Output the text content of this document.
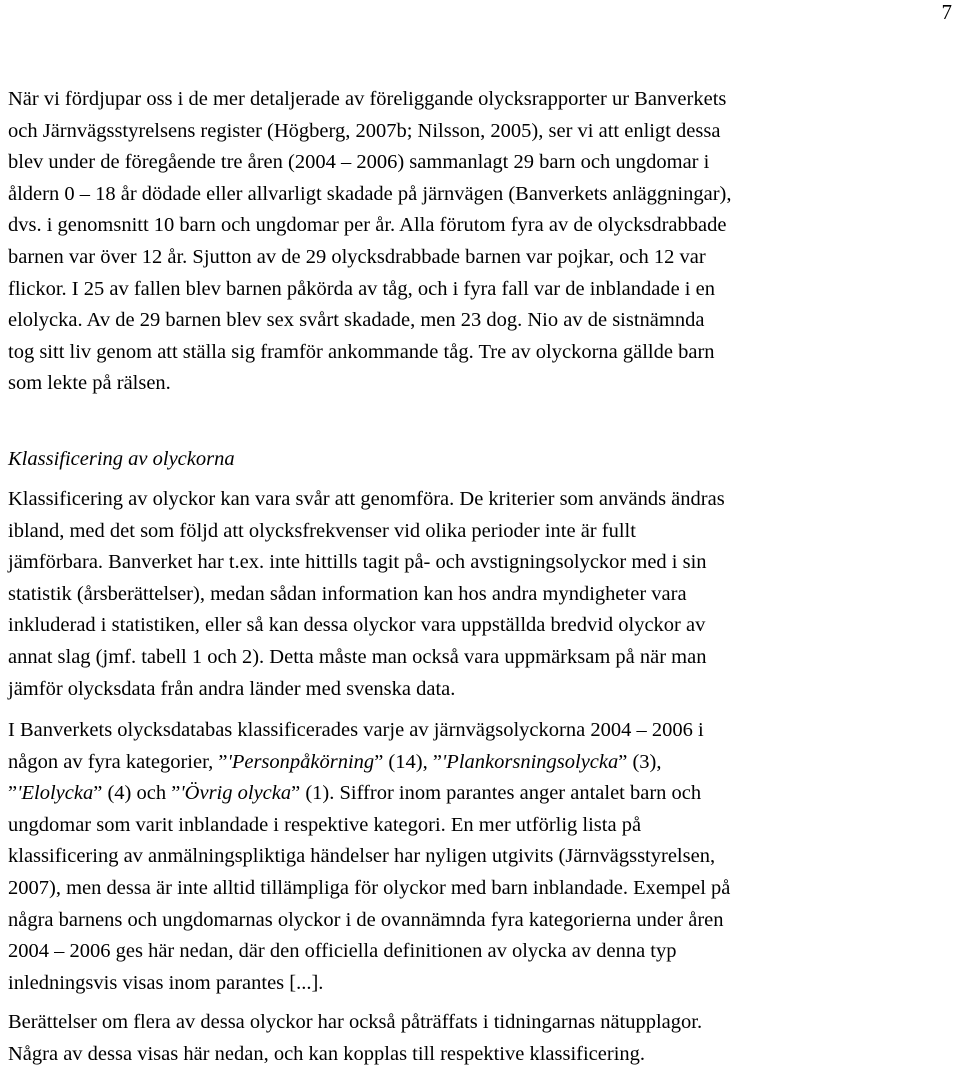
7

När vi fördjupar oss i de mer detaljerade av föreliggande olycksrapporter ur Banverkets

och Järnvägsstyrelsens register (Högberg, 2007b; Nilsson, 2005), ser vi att enligt dessa

blev under de föregående tre åren (2004 – 2006) sammanlagt 29 barn och ungdomar i

åldern 0 – 18 år dödade eller allvarligt skadade på järnvägen (Banverkets anläggningar),

dvs. i genomsnitt 10 barn och ungdomar per år. Alla förutom fyra av de olycksdrabbade

barnen var över 12 år. Sjutton av de 29 olycksdrabbade barnen var pojkar, och 12 var

flickor. I 25 av fallen blev barnen påkörda av tåg, och i fyra fall var de inblandade i en

elolycka. Av de 29 barnen blev sex svårt skadade, men 23 dog. Nio av de sistnämnda

tog sitt liv genom att ställa sig framför ankommande tåg. Tre av olyckorna gällde barn

som lekte på rälsen.

Klassificering av olyckorna

Klassificering av olyckor kan vara svår att genomföra. De kriterier som används ändras

ibland, med det som följd att olycksfrekvenser vid olika perioder inte är fullt

jämförbara. Banverket har t.ex. inte hittills tagit på- och avstigningsolyckor med i sin

statistik (årsberättelser), medan sådan information kan hos andra myndigheter vara

inkluderad i statistiken, eller så kan dessa olyckor vara uppställda bredvid olyckor av

annat slag (jmf. tabell 1 och 2). Detta måste man också vara uppmärksam på när man

jämför olycksdata från andra länder med svenska data.

I Banverkets olycksdatabas klassificerades varje av järnvägsolyckorna 2004 – 2006 i

någon av fyra kategorier, ”'Personpåkörning” (14), ”'Plankorsningsolycka” (3),

”'Elolycka” (4) och ”'Övrig olycka” (1). Siffror inom parantes anger antalet barn och

ungdomar som varit inblandade i respektive kategori. En mer utförlig lista på

klassificering av anmälningspliktiga händelser har nyligen utgivits (Järnvägsstyrelsen,

2007), men dessa är inte alltid tillämpliga för olyckor med barn inblandade. Exempel på

några barnens och ungdomarnas olyckor i de ovannämnda fyra kategorierna under åren

2004 – 2006 ges här nedan, där den officiella definitionen av olycka av denna typ

inledningsvis visas inom parantes [...].

Berättelser om flera av dessa olyckor har också påträffats i tidningarnas nätupplagor.

Några av dessa visas här nedan, och kan kopplas till respektive klassificering.
